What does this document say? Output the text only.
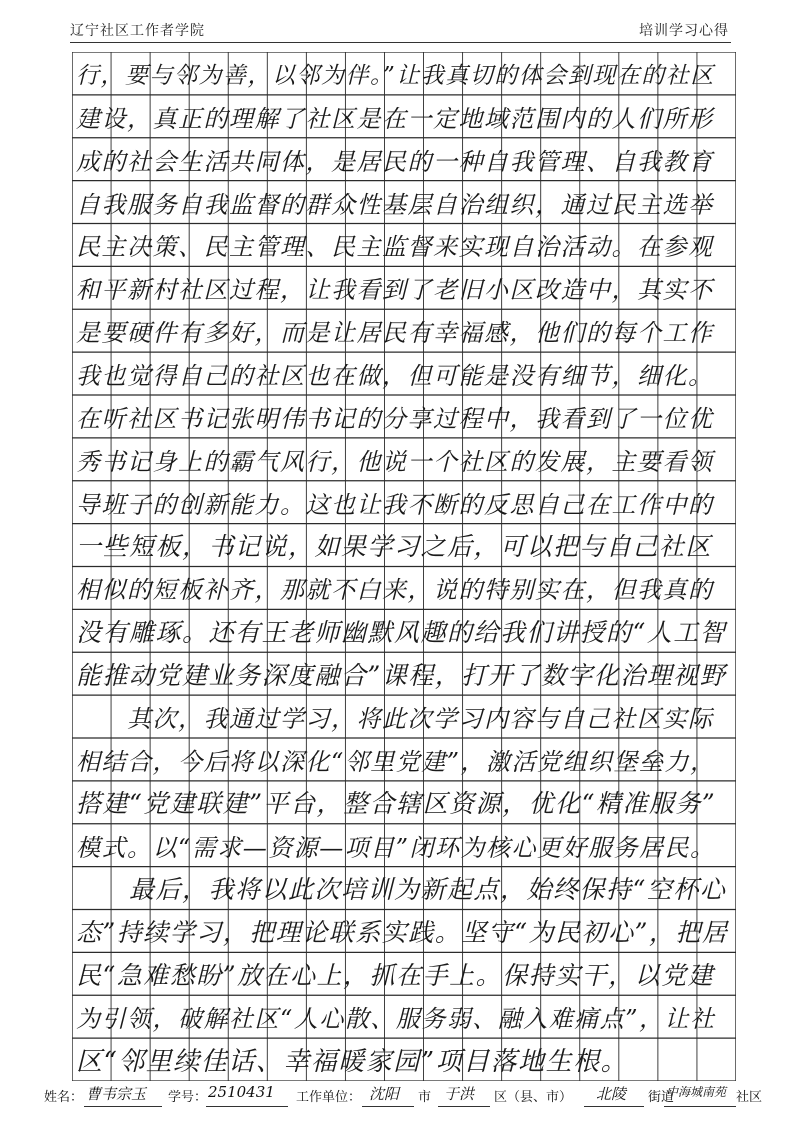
辽宁社区工作者学院	培训学习心得
行，要与邻为善，以邻为伴。”让我真切的体会到现在的社区
建设，真正的理解了社区是在一定地域范围内的人们所形
成的社会生活共同体，是居民的一种自我管理、自我教育
自我服务自我监督的群众性基层自治组织，通过民主选举
民主决策、民主管理、民主监督来实现自治活动。在参观
和平新村社区过程，让我看到了老旧小区改造中，其实不
是要硬件有多好，而是让居民有幸福感，他们的每个工作
我也觉得自己的社区也在做，但可能是没有细节，细化。
在听社区书记张明伟书记的分享过程中，我看到了一位优
秀书记身上的霸气风行，他说一个社区的发展，主要看领
导班子的创新能力。这也让我不断的反思自己在工作中的
一些短板，书记说，如果学习之后，可以把与自己社区
相似的短板补齐，那就不白来，说的特别实在，但我真的
没有雕琢。还有王老师幽默风趣的给我们讲授的“人工智
能推动党建业务深度融合”课程，打开了数字化治理视野
　　其次，我通过学习，将此次学习内容与自己社区实际
相结合，今后将以深化“邻里党建”，激活党组织堡垒力，
搭建“党建联建”平台，整合辖区资源，优化“精准服务”
模式。以“需求—资源—项目”闭环为核心更好服务居民。
　　最后，我将以此次培训为新起点，始终保持“空杯心
态”持续学习，把理论联系实践。坚守“为民初心”，把居
民“急难愁盼”放在心上，抓在手上。保持实干，以党建
为引领，破解社区“人心散、服务弱、融入难痛点”，让社
区“邻里续佳话、幸福暖家园”项目落地生根。
姓名： 曹韦宗玉 学号： 2510431 工作单位： 沈阳 市 于洪 区（县、市） 北陵 街道
中海城南苑 社区
